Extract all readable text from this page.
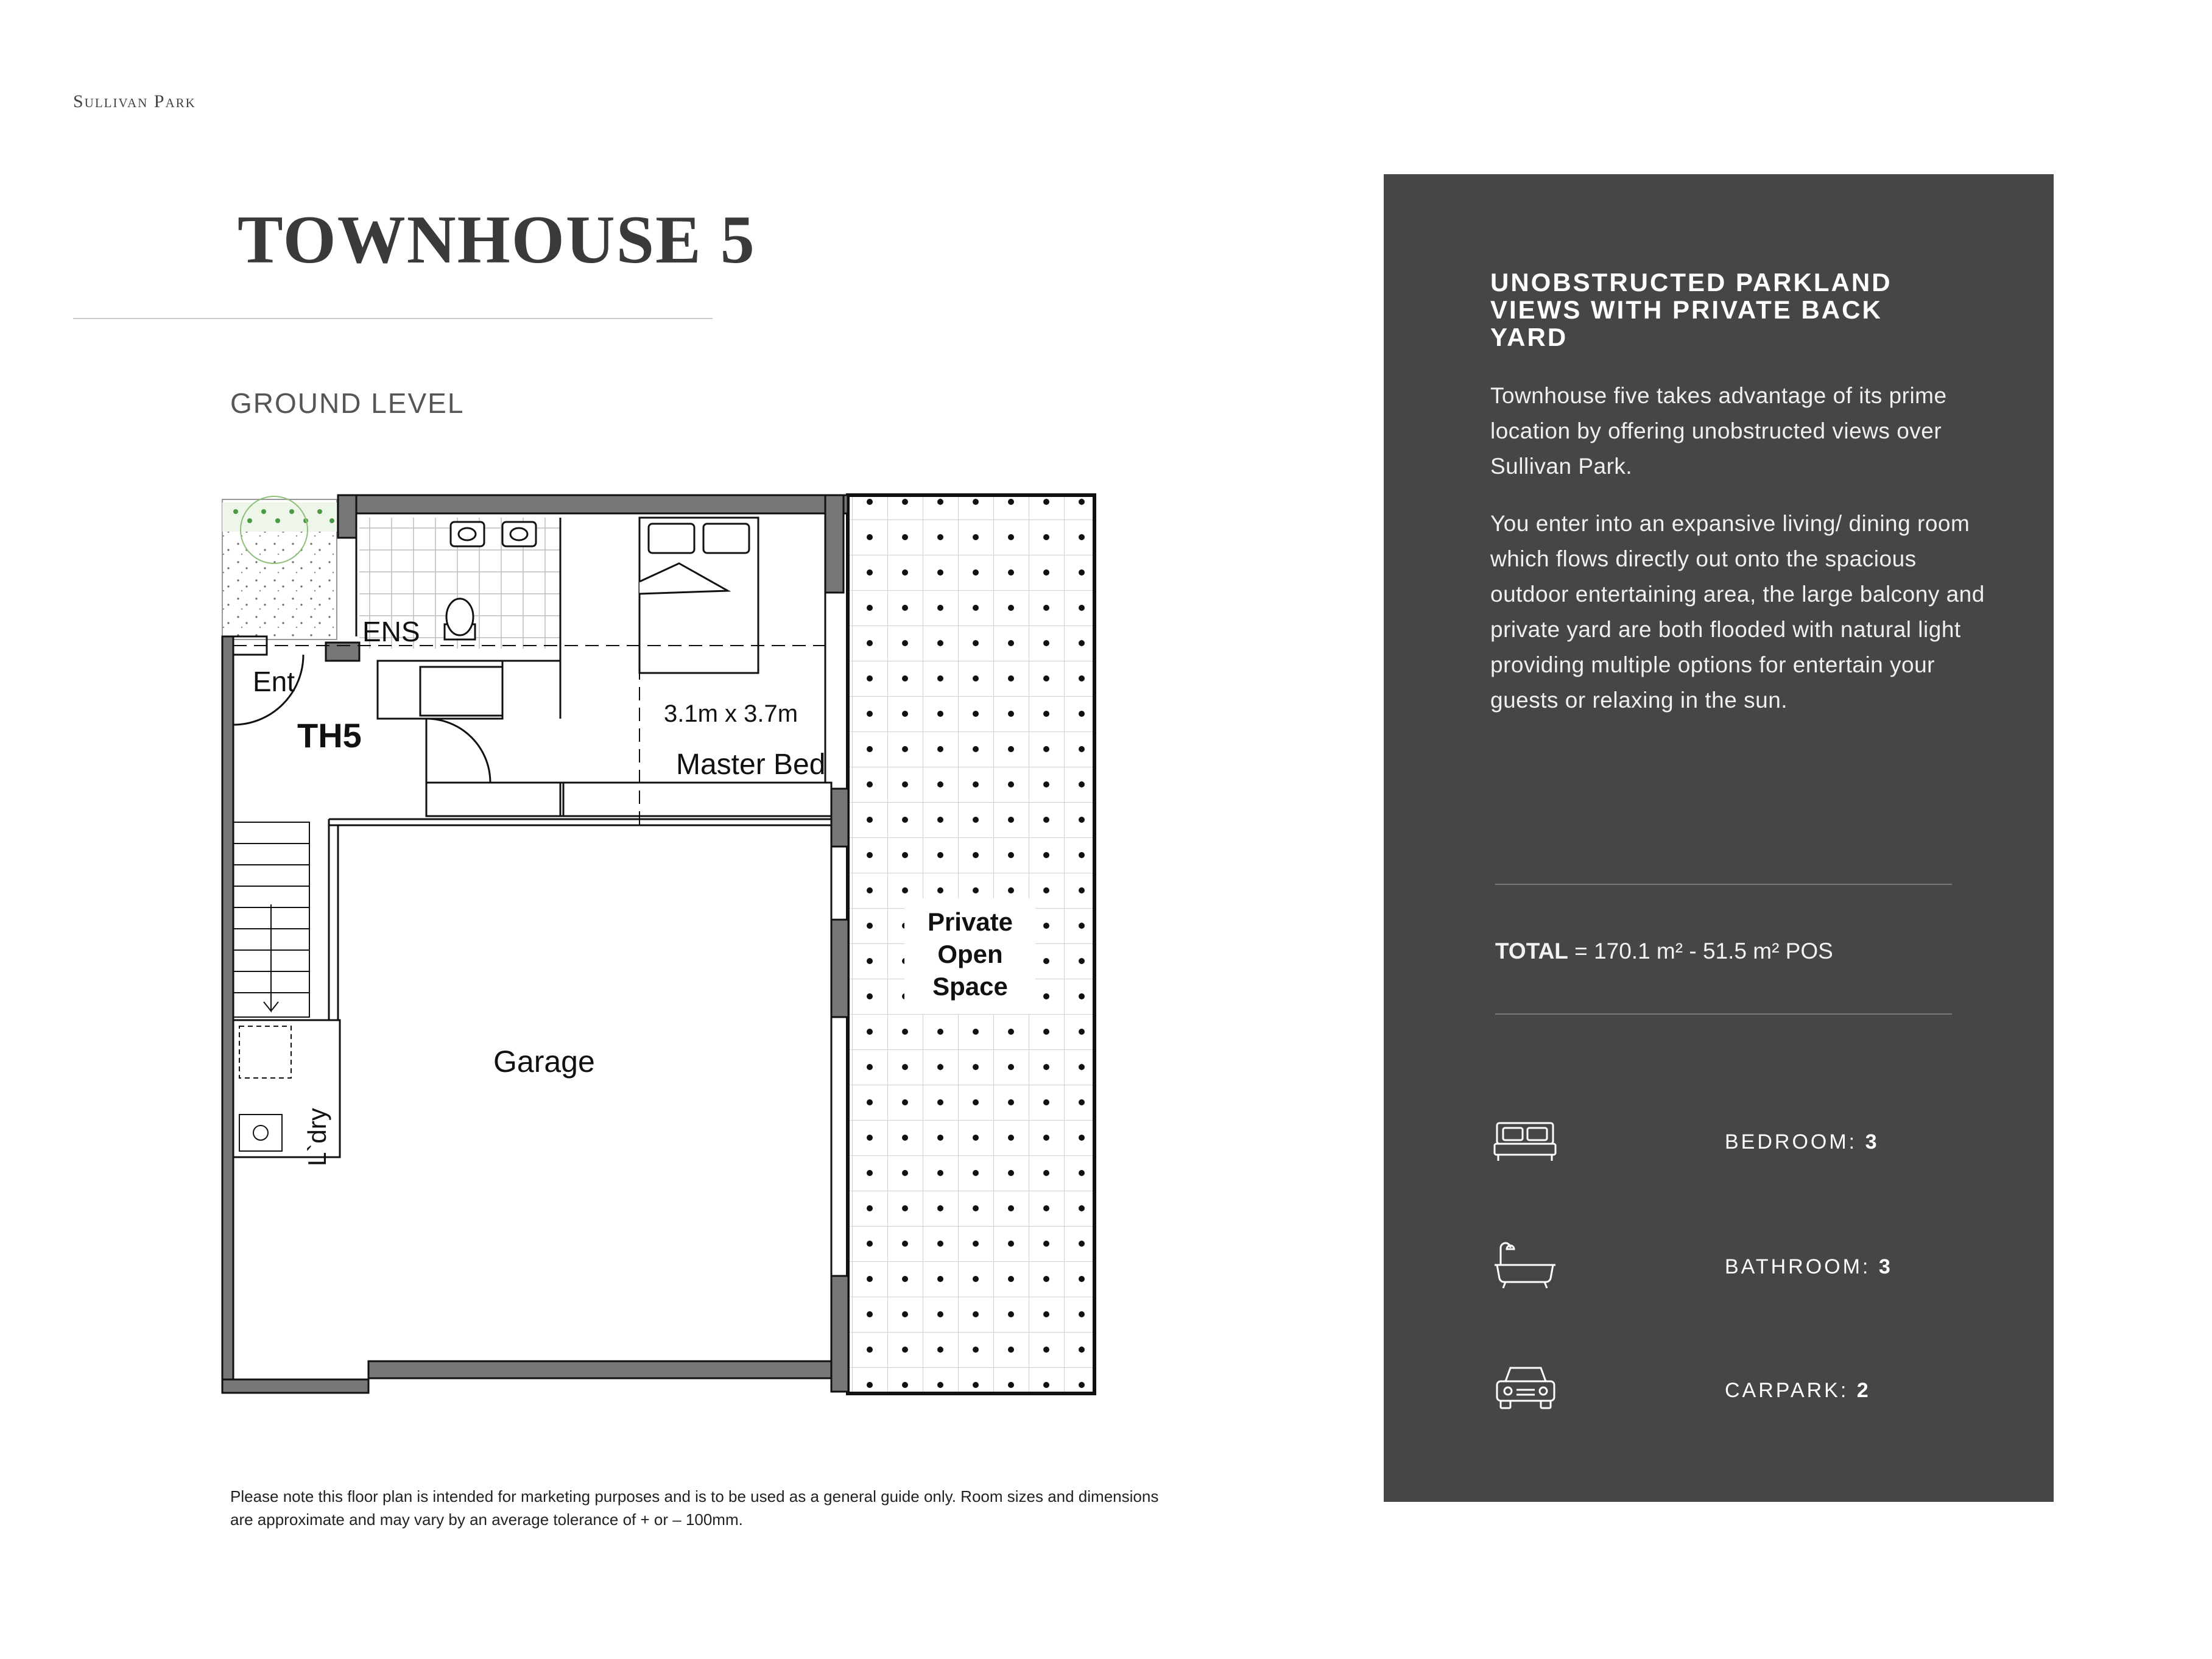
Sullivan Park
TOWNHOUSE 5
GROUND LEVEL
ENS
Ent
TH5
3.1m x 3.7m
Master Bed
Private
Open
Space
Garage
L`dry
Please note this floor plan is intended for marketing purposes and is to be used as a general guide only. Room sizes and dimensions
are approximate and may vary by an average tolerance of + or – 100mm.
UNOBSTRUCTED PARKLAND VIEWS WITH PRIVATE BACK YARD

Townhouse five takes advantage of its prime location by offering unobstructed views over Sullivan Park.

You enter into an expansive living/ dining room which flows directly out onto the spacious outdoor entertaining area, the large balcony and private yard are both flooded with natural light providing multiple options for entertain your guests or relaxing in the sun.

TOTAL = 170.1 m² - 51.5 m² POS
BEDROOM: 3
BATHROOM: 3
CARPARK: 2
